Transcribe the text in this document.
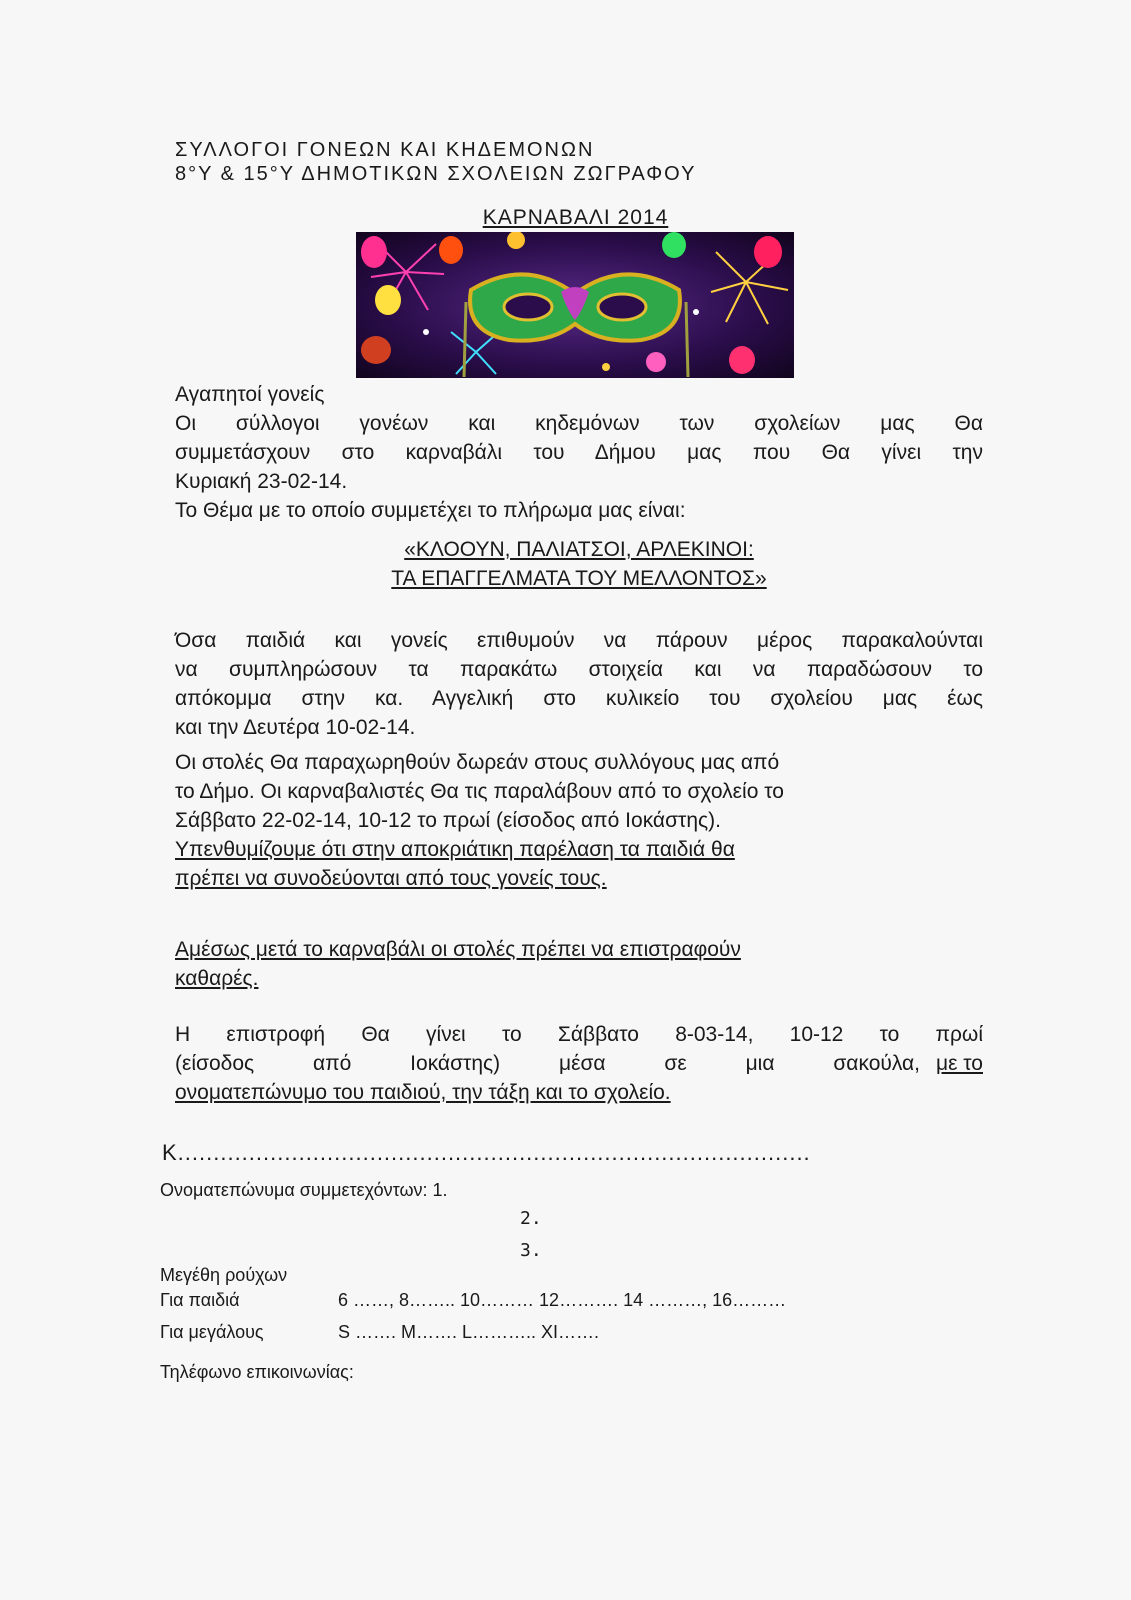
ΣΥΛΛΟΓΟΙ ΓΟΝΕΩΝ ΚΑΙ ΚΗΔΕΜΟΝΩΝ
8°Υ & 15°Υ ΔΗΜΟΤΙΚΩΝ ΣΧΟΛΕΙΩΝ ΖΩΓΡΑΦΟΥ
ΚΑΡΝΑΒΑΛΙ 2014
Αγαπητοί γονείς
Οι σύλλογοι γονέων και κηδεμόνων των σχολείων μας Θα
συμμετάσχουν στο καρναβάλι του Δήμου μας που Θα γίνει την
Κυριακή 23-02-14.
Το Θέμα με το οποίο συμμετέχει το πλήρωμα μας είναι:
«ΚΛΟΟΥΝ, ΠΑΛΙΑΤΣΟΙ, ΑΡΛΕΚΙΝΟΙ:
ΤΑ ΕΠΑΓΓΕΛΜΑΤΑ ΤΟΥ ΜΕΛΛΟΝΤΟΣ»
Όσα παιδιά και γονείς επιθυμούν να πάρουν μέρος παρακαλούνται
να συμπληρώσουν τα παρακάτω στοιχεία και να παραδώσουν το
απόκομμα στην κα. Αγγελική στο κυλικείο του σχολείου μας έως
και την Δευτέρα 10-02-14.
Οι στολές Θα παραχωρηθούν δωρεάν στους συλλόγους μας από
το Δήμο. Οι καρναβαλιστές Θα τις παραλάβουν από το σχολείο το
Σάββατο 22-02-14, 10-12 το πρωί (είσοδος από Ιοκάστης).
Υπενθυμίζουμε ότι στην αποκριάτικη παρέλαση τα παιδιά θα
πρέπει να συνοδεύονται από τους γονείς τους.
Αμέσως μετά το καρναβάλι οι στολές πρέπει να επιστραφούν
καθαρές.
Η επιστροφή Θα γίνει το Σάββατο 8-03-14, 10-12 το πρωί
(είσοδος από Ιοκάστης) μέσα σε μια σακούλα, με το
ονοματεπώνυμο του παιδιού, την τάξη και το σχολείο.
Κ.........................................................................................
Ονοματεπώνυμα συμμετεχόντων: 1.
2.
3.
Μεγέθη ρούχων
Για παιδιά	6 ……, 8…….. 10……… 12………. 14 ………, 16………
Για μεγάλους	S ……. M……. L……….. XI…….
Τηλέφωνο επικοινωνίας:
